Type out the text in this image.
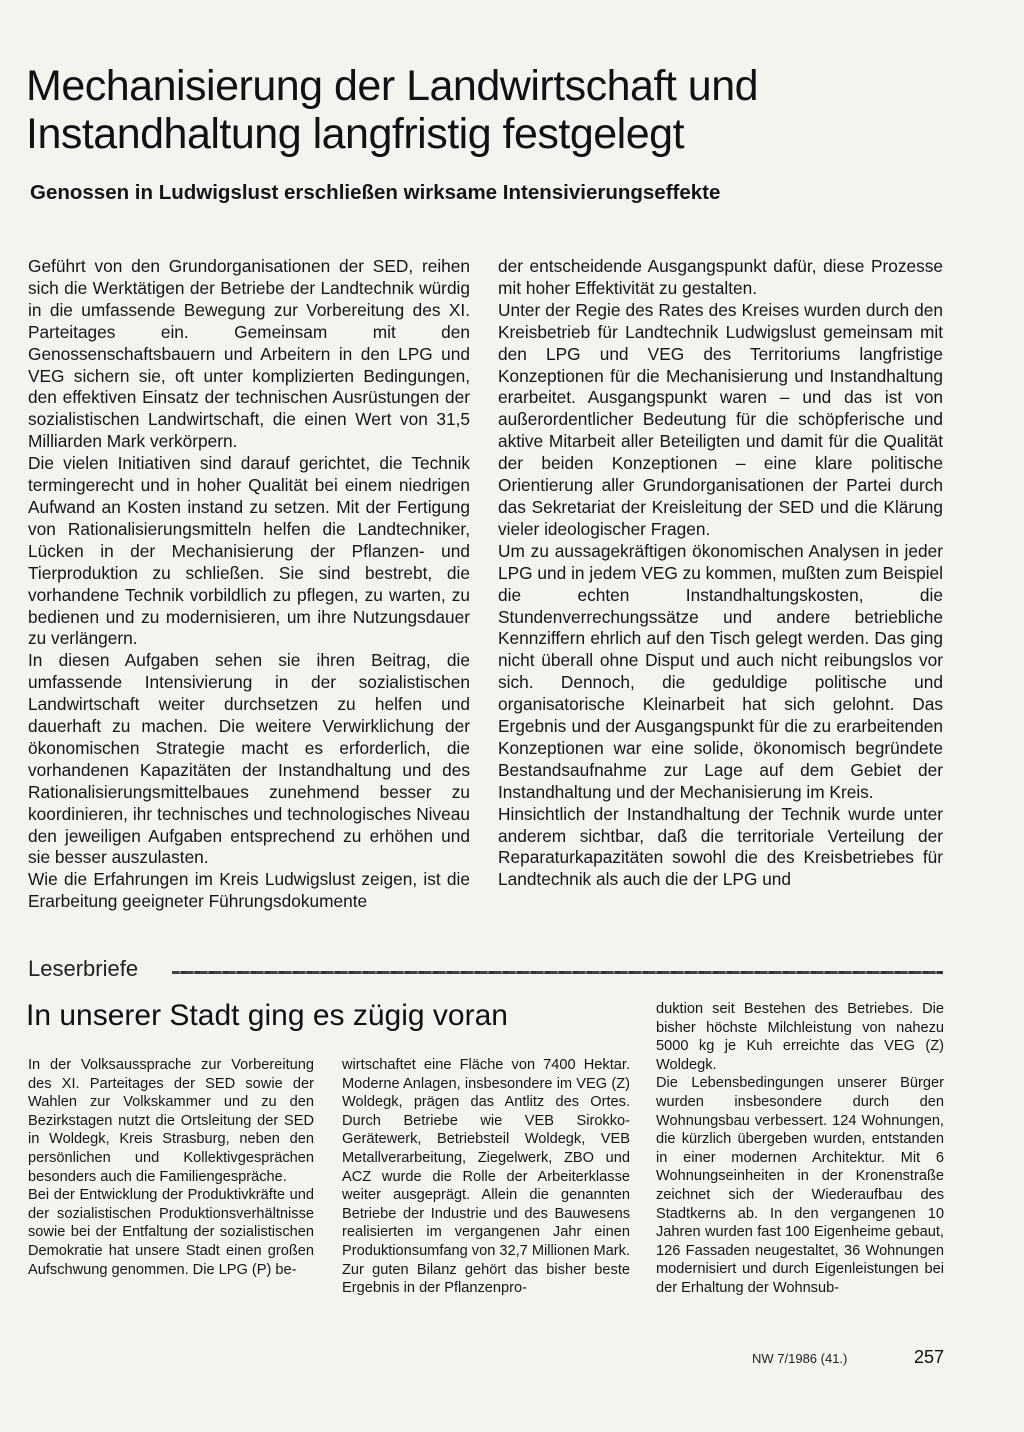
Mechanisierung der Landwirtschaft und Instandhaltung langfristig festgelegt
Genossen in Ludwigslust erschließen wirksame Intensivierungseffekte

Geführt von den Grundorganisationen der SED, reihen sich die Werktätigen der Betriebe der Landtechnik würdig in die umfassende Bewegung zur Vorbereitung des XI. Parteitages ein. Gemeinsam mit den Genossenschaftsbauern und Arbeitern in den LPG und VEG sichern sie, oft unter komplizierten Bedingungen, den effektiven Einsatz der technischen Ausrüstungen der sozialistischen Landwirtschaft, die einen Wert von 31,5 Milliarden Mark verkörpern.

Die vielen Initiativen sind darauf gerichtet, die Technik termingerecht und in hoher Qualität bei einem niedrigen Aufwand an Kosten instand zu setzen. Mit der Fertigung von Rationalisierungsmitteln helfen die Landtechniker, Lücken in der Mechanisierung der Pflanzen- und Tierproduktion zu schließen. Sie sind bestrebt, die vorhandene Technik vorbildlich zu pflegen, zu warten, zu bedienen und zu modernisieren, um ihre Nutzungsdauer zu verlängern.

In diesen Aufgaben sehen sie ihren Beitrag, die umfassende Intensivierung in der sozialistischen Landwirtschaft weiter durchsetzen zu helfen und dauerhaft zu machen. Die weitere Verwirklichung der ökonomischen Strategie macht es erforderlich, die vorhandenen Kapazitäten der Instandhaltung und des Rationalisierungsmittelbaues zunehmend besser zu koordinieren, ihr technisches und technologisches Niveau den jeweiligen Aufgaben entsprechend zu erhöhen und sie besser auszulasten.

Wie die Erfahrungen im Kreis Ludwigslust zeigen, ist die Erarbeitung geeigneter Führungsdokumente

der entscheidende Ausgangspunkt dafür, diese Prozesse mit hoher Effektivität zu gestalten.

Unter der Regie des Rates des Kreises wurden durch den Kreisbetrieb für Landtechnik Ludwigslust gemeinsam mit den LPG und VEG des Territoriums langfristige Konzeptionen für die Mechanisierung und Instandhaltung erarbeitet. Ausgangspunkt waren – und das ist von außerordentlicher Bedeutung für die schöpferische und aktive Mitarbeit aller Beteiligten und damit für die Qualität der beiden Konzeptionen – eine klare politische Orientierung aller Grundorganisationen der Partei durch das Sekretariat der Kreisleitung der SED und die Klärung vieler ideologischer Fragen.

Um zu aussagekräftigen ökonomischen Analysen in jeder LPG und in jedem VEG zu kommen, mußten zum Beispiel die echten Instandhaltungskosten, die Stundenverrechungssätze und andere betriebliche Kennziffern ehrlich auf den Tisch gelegt werden. Das ging nicht überall ohne Disput und auch nicht reibungslos vor sich. Dennoch, die geduldige politische und organisatorische Kleinarbeit hat sich gelohnt. Das Ergebnis und der Ausgangspunkt für die zu erarbeitenden Konzeptionen war eine solide, ökonomisch begründete Bestandsaufnahme zur Lage auf dem Gebiet der Instandhaltung und der Mechanisierung im Kreis.

Hinsichtlich der Instandhaltung der Technik wurde unter anderem sichtbar, daß die territoriale Verteilung der Reparaturkapazitäten sowohl die des Kreisbetriebes für Landtechnik als auch die der LPG und

Leserbriefe
In unserer Stadt ging es zügig voran

In der Volksaussprache zur Vorbereitung des XI. Parteitages der SED sowie der Wahlen zur Volkskammer und zu den Bezirkstagen nutzt die Ortsleitung der SED in Woldegk, Kreis Strasburg, neben den persönlichen und Kollektivgesprächen besonders auch die Familiengespräche.

Bei der Entwicklung der Produktivkräfte und der sozialistischen Produktionsverhältnisse sowie bei der Entfaltung der sozialistischen Demokratie hat unsere Stadt einen großen Aufschwung genommen. Die LPG (P) be-

wirtschaftet eine Fläche von 7400 Hektar. Moderne Anlagen, insbesondere im VEG (Z) Woldegk, prägen das Antlitz des Ortes. Durch Betriebe wie VEB Sirokko-Gerätewerk, Betriebsteil Woldegk, VEB Metallverarbeitung, Ziegelwerk, ZBO und ACZ wurde die Rolle der Arbeiterklasse weiter ausgeprägt. Allein die genannten Betriebe der Industrie und des Bauwesens realisierten im vergangenen Jahr einen Produktionsumfang von 32,7 Millionen Mark. Zur guten Bilanz gehört das bisher beste Ergebnis in der Pflanzenpro-

duktion seit Bestehen des Betriebes. Die bisher höchste Milchleistung von nahezu 5000 kg je Kuh erreichte das VEG (Z) Woldegk.

Die Lebensbedingungen unserer Bürger wurden insbesondere durch den Wohnungsbau verbessert. 124 Wohnungen, die kürzlich übergeben wurden, entstanden in einer modernen Architektur. Mit 6 Wohnungseinheiten in der Kronenstraße zeichnet sich der Wiederaufbau des Stadtkerns ab. In den vergangenen 10 Jahren wurden fast 100 Eigenheime gebaut, 126 Fassaden neugestaltet, 36 Wohnungen modernisiert und durch Eigenleistungen bei der Erhaltung der Wohnsub-

NW 7/1986 (41.)	257
